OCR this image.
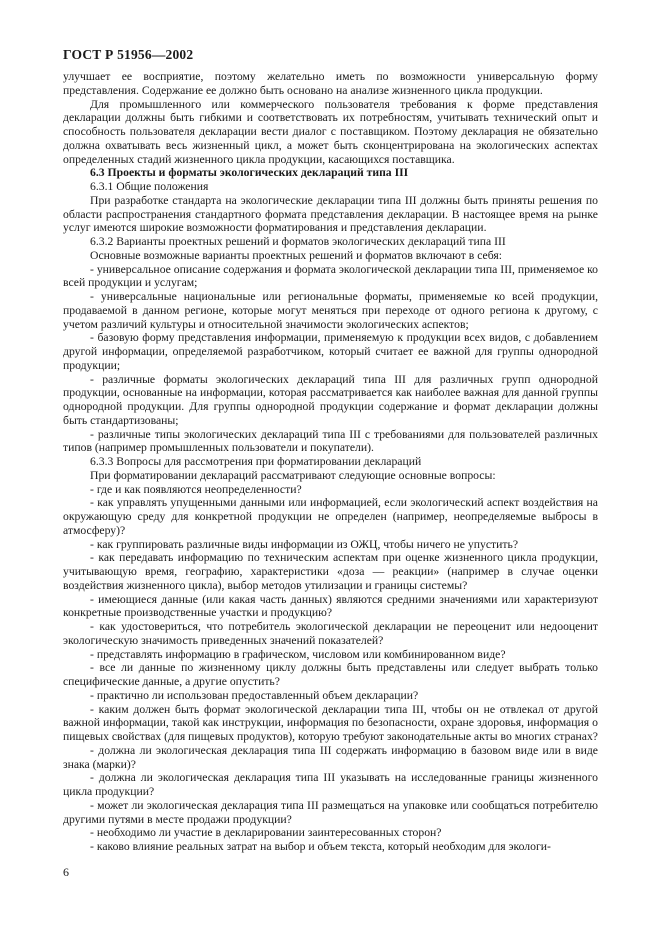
ГОСТ Р 51956—2002

улучшает ее восприятие, поэтому желательно иметь по возможности универсальную форму представления. Содержание ее должно быть основано на анализе жизненного цикла продукции.

Для промышленного или коммерческого пользователя требования к форме представления декларации должны быть гибкими и соответствовать их потребностям, учитывать технический опыт и способность пользователя декларации вести диалог с поставщиком. Поэтому декларация не обязательно должна охватывать весь жизненный цикл, а может быть сконцентрирована на экологических аспектах определенных стадий жизненного цикла продукции, касающихся поставщика.

6.3 Проекты и форматы экологических деклараций типа III

6.3.1 Общие положения

При разработке стандарта на экологические декларации типа III должны быть приняты решения по области распространения стандартного формата представления декларации. В настоящее время на рынке услуг имеются широкие возможности форматирования и представления декларации.

6.3.2 Варианты проектных решений и форматов экологических деклараций типа III

Основные возможные варианты проектных решений и форматов включают в себя:

- универсальное описание содержания и формата экологической декларации типа III, применяемое ко всей продукции и услугам;

- универсальные национальные или региональные форматы, применяемые ко всей продукции, продаваемой в данном регионе, которые могут меняться при переходе от одного региона к другому, с учетом различий культуры и относительной значимости экологических аспектов;

- базовую форму представления информации, применяемую к продукции всех видов, с добавлением другой информации, определяемой разработчиком, который считает ее важной для группы однородной продукции;

- различные форматы экологических деклараций типа III для различных групп однородной продукции, основанные на информации, которая рассматривается как наиболее важная для данной группы однородной продукции. Для группы однородной продукции содержание и формат декларации должны быть стандартизованы;

- различные типы экологических деклараций типа III с требованиями для пользователей различных типов (например промышленных пользователи и покупатели).

6.3.3 Вопросы для рассмотрения при форматировании деклараций

При форматировании деклараций рассматривают следующие основные вопросы:

- где и как появляются неопределенности?

- как управлять упущенными данными или информацией, если экологический аспект воздействия на окружающую среду для конкретной продукции не определен (например, неопределяемые выбросы в атмосферу)?

- как группировать различные виды информации из ОЖЦ, чтобы ничего не упустить?

- как передавать информацию по техническим аспектам при оценке жизненного цикла продукции, учитывающую время, географию, характеристики «доза — реакции» (например в случае оценки воздействия жизненного цикла), выбор методов утилизации и границы системы?

- имеющиеся данные (или какая часть данных) являются средними значениями или характеризуют конкретные производственные участки и продукцию?

- как удостовериться, что потребитель экологической декларации не переоценит или недооценит экологическую значимость приведенных значений показателей?

- представлять информацию в графическом, числовом или комбинированном виде?

- все ли данные по жизненному циклу должны быть представлены или следует выбрать только специфические данные, а другие опустить?

- практично ли использован предоставленный объем декларации?

- каким должен быть формат экологической декларации типа III, чтобы он не отвлекал от другой важной информации, такой как инструкции, информация по безопасности, охране здоровья, информация о пищевых свойствах (для пищевых продуктов), которую требуют законодательные акты во многих странах?

- должна ли экологическая декларация типа III содержать информацию в базовом виде или в виде знака (марки)?

- должна ли экологическая декларация типа III указывать на исследованные границы жизненного цикла продукции?

- может ли экологическая декларация типа III размещаться на упаковке или сообщаться потребителю другими путями в месте продажи продукции?

- необходимо ли участие в декларировании заинтересованных сторон?

- каково влияние реальных затрат на выбор и объем текста, который необходим для экологи-

6
